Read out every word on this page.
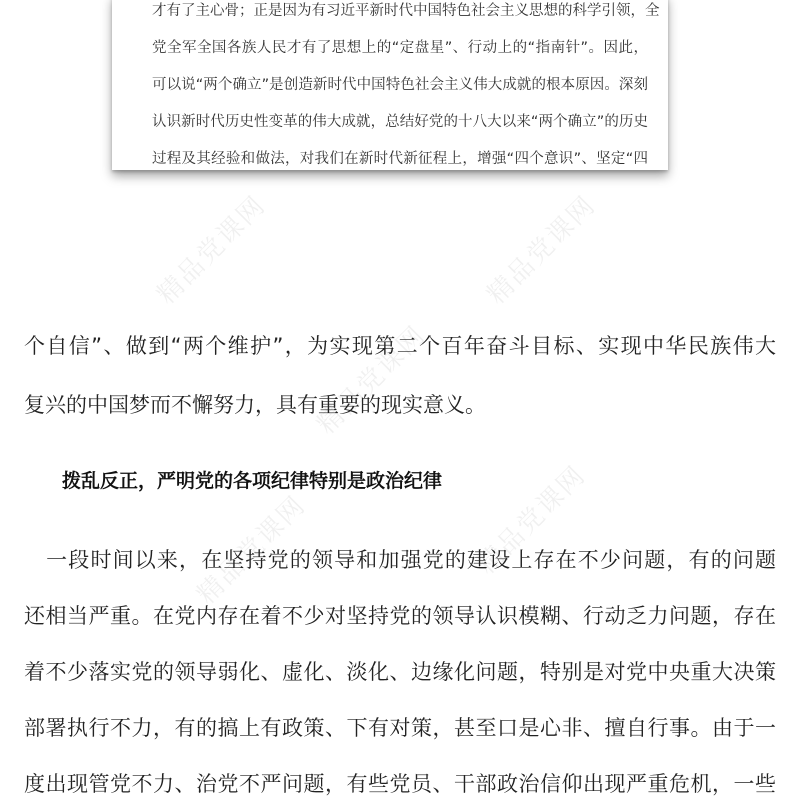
才有了主心骨；正是因为有习近平新时代中国特色社会主义思想的科学引领，全
党全军全国各族人民才有了思想上的“定盘星”、行动上的“指南针”。因此，
可以说“两个确立”是创造新时代中国特色社会主义伟大成就的根本原因。深刻
认识新时代历史性变革的伟大成就，总结好党的十八大以来“两个确立”的历史
过程及其经验和做法，对我们在新时代新征程上，增强“四个意识”、坚定“四
精品党课网	精品党课网
精品党课网
精品党课网	精品党课网
个自信”、做到“两个维护”，为实现第二个百年奋斗目标、实现中华民族伟大
复兴的中国梦而不懈努力，具有重要的现实意义。
拨乱反正，严明党的各项纪律特别是政治纪律
　一段时间以来，在坚持党的领导和加强党的建设上存在不少问题，有的问题
还相当严重。在党内存在着不少对坚持党的领导认识模糊、行动乏力问题，存在
着不少落实党的领导弱化、虚化、淡化、边缘化问题，特别是对党中央重大决策
部署执行不力，有的搞上有政策、下有对策，甚至口是心非、擅自行事。由于一
度出现管党不力、治党不严问题，有些党员、干部政治信仰出现严重危机，一些
